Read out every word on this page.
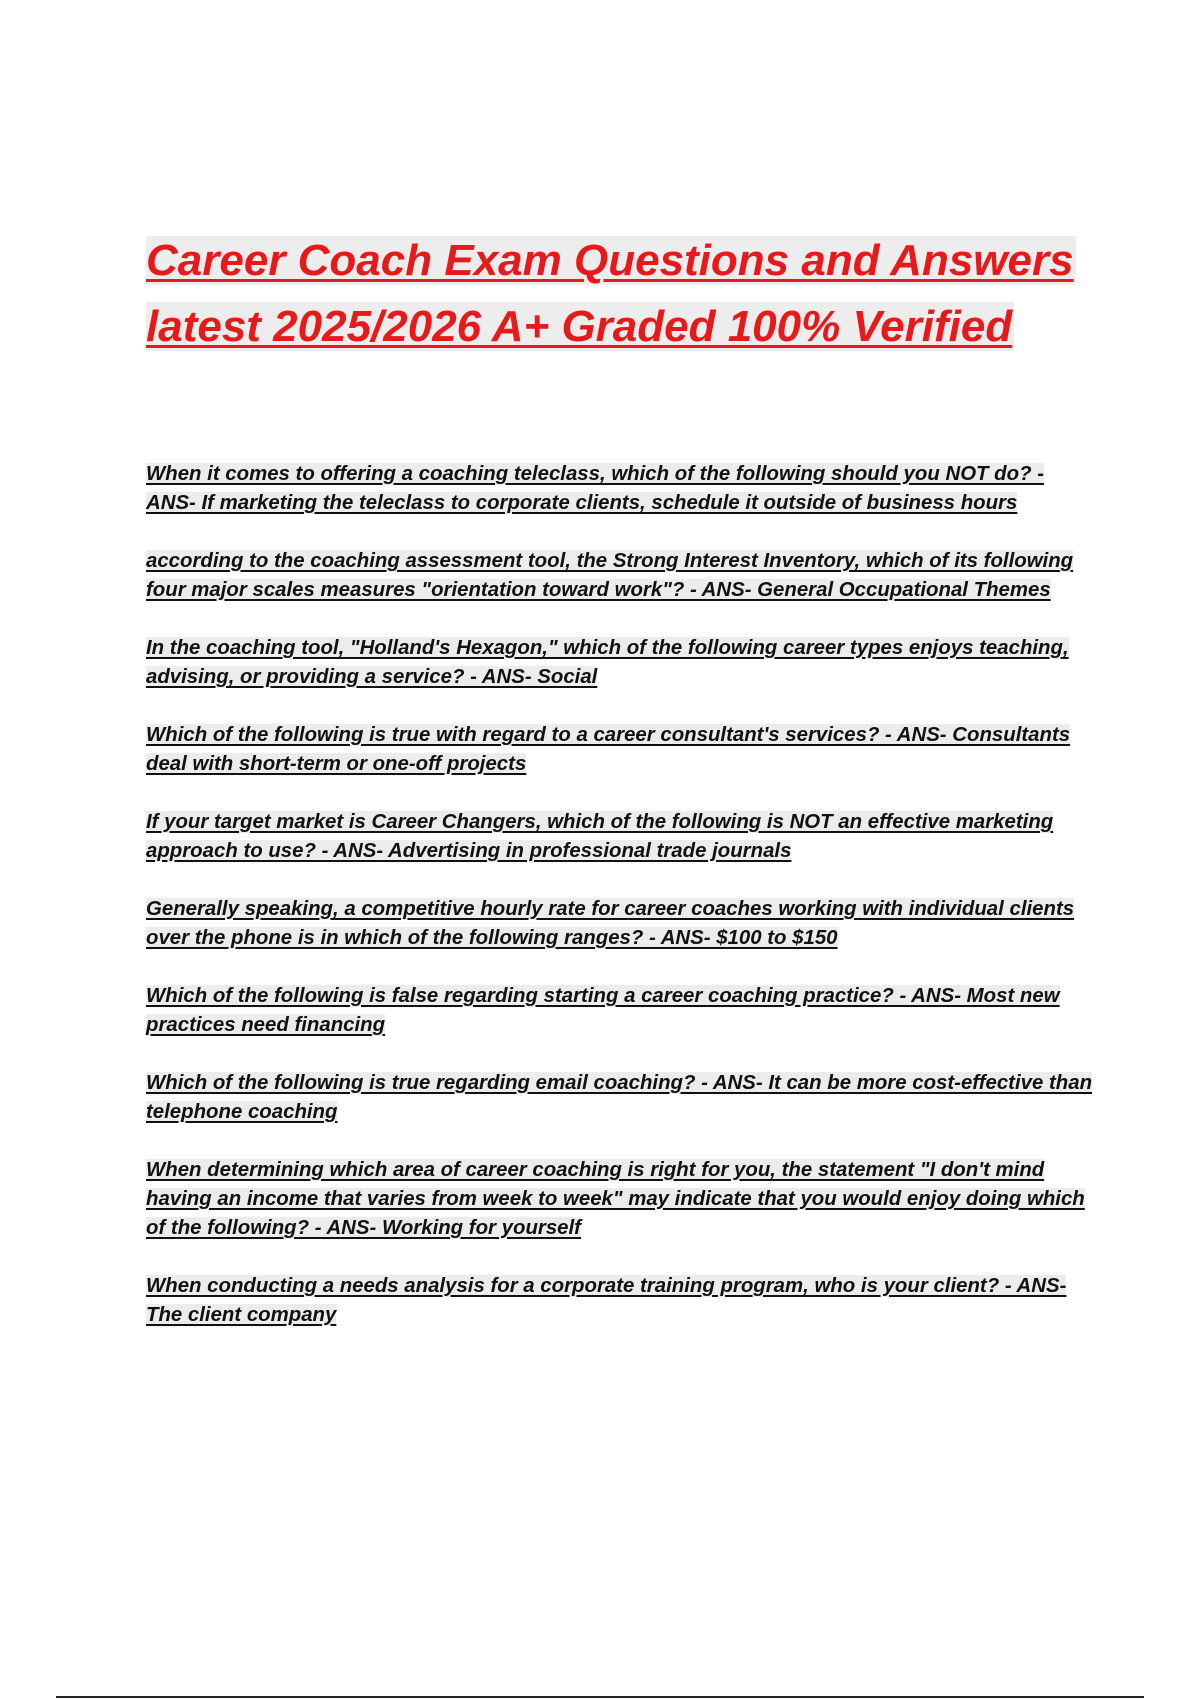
Career Coach Exam Questions and Answers latest 2025/2026 A+ Graded 100% Verified
When it comes to offering a coaching teleclass, which of the following should you NOT do? - ANS- If marketing the teleclass to corporate clients, schedule it outside of business hours
according to the coaching assessment tool, the Strong Interest Inventory, which of its following four major scales measures "orientation toward work"? - ANS- General Occupational Themes
In the coaching tool, "Holland's Hexagon," which of the following career types enjoys teaching, advising, or providing a service? - ANS- Social
Which of the following is true with regard to a career consultant's services? - ANS- Consultants deal with short-term or one-off projects
If your target market is Career Changers, which of the following is NOT an effective marketing approach to use? - ANS- Advertising in professional trade journals
Generally speaking, a competitive hourly rate for career coaches working with individual clients over the phone is in which of the following ranges? - ANS- $100 to $150
Which of the following is false regarding starting a career coaching practice? - ANS- Most new practices need financing
Which of the following is true regarding email coaching? - ANS- It can be more cost-effective than telephone coaching
When determining which area of career coaching is right for you, the statement "I don't mind having an income that varies from week to week" may indicate that you would enjoy doing which of the following? - ANS- Working for yourself
When conducting a needs analysis for a corporate training program, who is your client? - ANS- The client company
